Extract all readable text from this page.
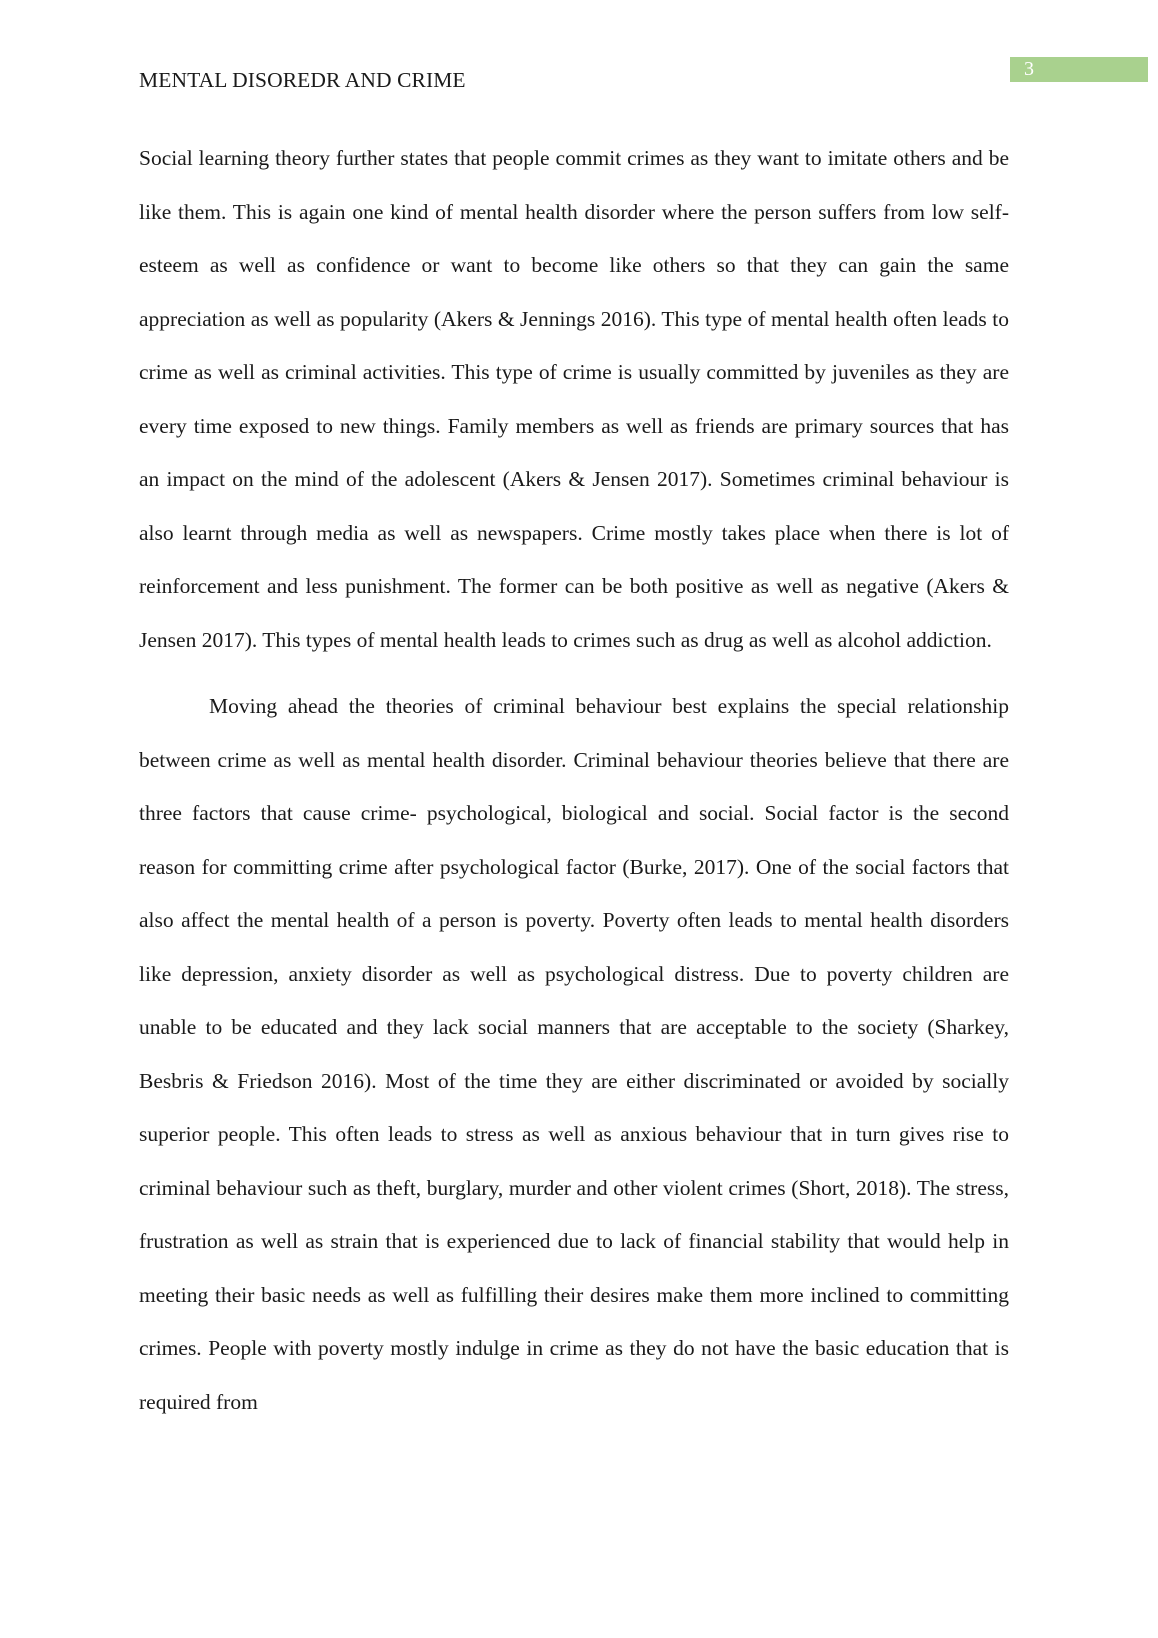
3
MENTAL DISOREDR AND CRIME

Social learning theory further states that people commit crimes as they want to imitate others and be like them. This is again one kind of mental health disorder where the person suffers from low self-esteem as well as confidence or want to become like others so that they can gain the same appreciation as well as popularity (Akers & Jennings 2016). This type of mental health often leads to crime as well as criminal activities. This type of crime is usually committed by juveniles as they are every time exposed to new things. Family members as well as friends are primary sources that has an impact on the mind of the adolescent (Akers & Jensen 2017). Sometimes criminal behaviour is also learnt through media as well as newspapers. Crime mostly takes place when there is lot of reinforcement and less punishment. The former can be both positive as well as negative (Akers & Jensen 2017). This types of mental health leads to crimes such as drug as well as alcohol addiction.

Moving ahead the theories of criminal behaviour best explains the special relationship between crime as well as mental health disorder. Criminal behaviour theories believe that there are three factors that cause crime- psychological, biological and social. Social factor is the second reason for committing crime after psychological factor (Burke, 2017). One of the social factors that also affect the mental health of a person is poverty. Poverty often leads to mental health disorders like depression, anxiety disorder as well as psychological distress. Due to poverty children are unable to be educated and they lack social manners that are acceptable to the society (Sharkey, Besbris & Friedson 2016). Most of the time they are either discriminated or avoided by socially superior people. This often leads to stress as well as anxious behaviour that in turn gives rise to criminal behaviour such as theft, burglary, murder and other violent crimes (Short, 2018). The stress, frustration as well as strain that is experienced due to lack of financial stability that would help in meeting their basic needs as well as fulfilling their desires make them more inclined to committing crimes. People with poverty mostly indulge in crime as they do not have the basic education that is required from
